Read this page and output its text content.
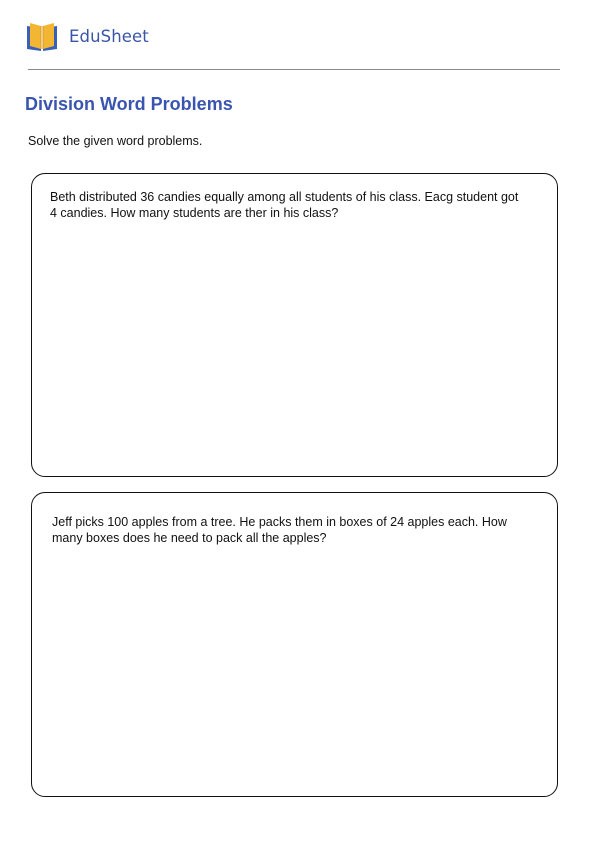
EduSheet
Division Word Problems

Solve the given word problems.

Beth distributed 36 candies equally among all students of his class. Eacg student got 4 candies. How many students are ther in his class?

Jeff picks 100 apples from a tree. He packs them in boxes of 24 apples each. How many boxes does he need to pack all the apples?
